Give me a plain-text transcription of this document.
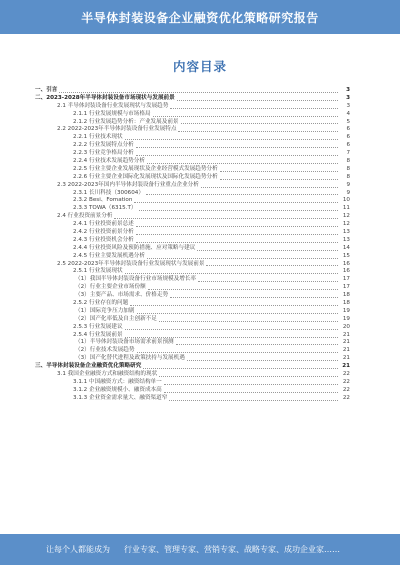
半导体封装设备企业融资优化策略研究报告
内容目录
一、引言	3
二、2023-2028年半导体封装设备市场现状与发展前景	3
2.1 半导体封装设备行业发展现状与发展趋势	3
2.1.1 行业发展规模与市场格局	4
2.1.2 行业发展趋势分析：产业发展及前景	5
2.2 2022-2023年半导体封装设备行业发展特点	6
2.2.1 行业技术现状	6
2.2.2 行业发展特点分析	6
2.2.3 行业竞争格局分析	7
2.2.4 行业技术发展趋势分析	8
2.2.5 行业主要企业发展现状及企业经营模式发展趋势分析	8
2.2.6 行业主要企业国际化发展现状及国际化发展趋势分析	8
2.3 2022-2023年国内半导体封装设备行业重点企业分析	9
2.3.1 长川科技（300604）	9
2.3.2 Besi、Fomation	10
2.3.3 TOWA（6315.T）	11
2.4 行业投资前景分析	12
2.4.1 行业投资前景总述	12
2.4.2 行业投资前景分析	13
2.4.3 行业投资机会分析	13
2.4.4 行业投资风险及预防措施、应对策略与建议	14
2.4.5 行业主要发展机遇分析	15
2.5 2022-2023年半导体封装设备行业发展现状与发展前景	16
2.5.1 行业发展现状	16
（1）我国半导体封装设备行业市场规模及增长率	17
（2）行业主要企业市场份额	17
（3）主要产品、市场需求、价格走势	18
2.5.2 行业存在的问题	18
（1）国际竞争压力加剧	19
（2）国产化率低及自主创新不足	19
2.5.3 行业发展建议	20
2.5.4 行业发展前景	21
（1）半导体封装设备市场需求前景预测	21
（2）行业技术发展趋势	21
（3）国产化替代进程及政策扶持与发展机遇	21
三、半导体封装设备企业融资优化策略研究	21
3.1 我国企业融资方式和融资结构的现状	22
3.1.1 中国融资方式：融资结构单一	22
3.1.2 企业融资规模小、融资成本高	22
3.1.3 企业资金需求量大、融资渠道窄	22
让每个人都能成为 行业专家、管理专家、营销专家、战略专家、成功企业家……
